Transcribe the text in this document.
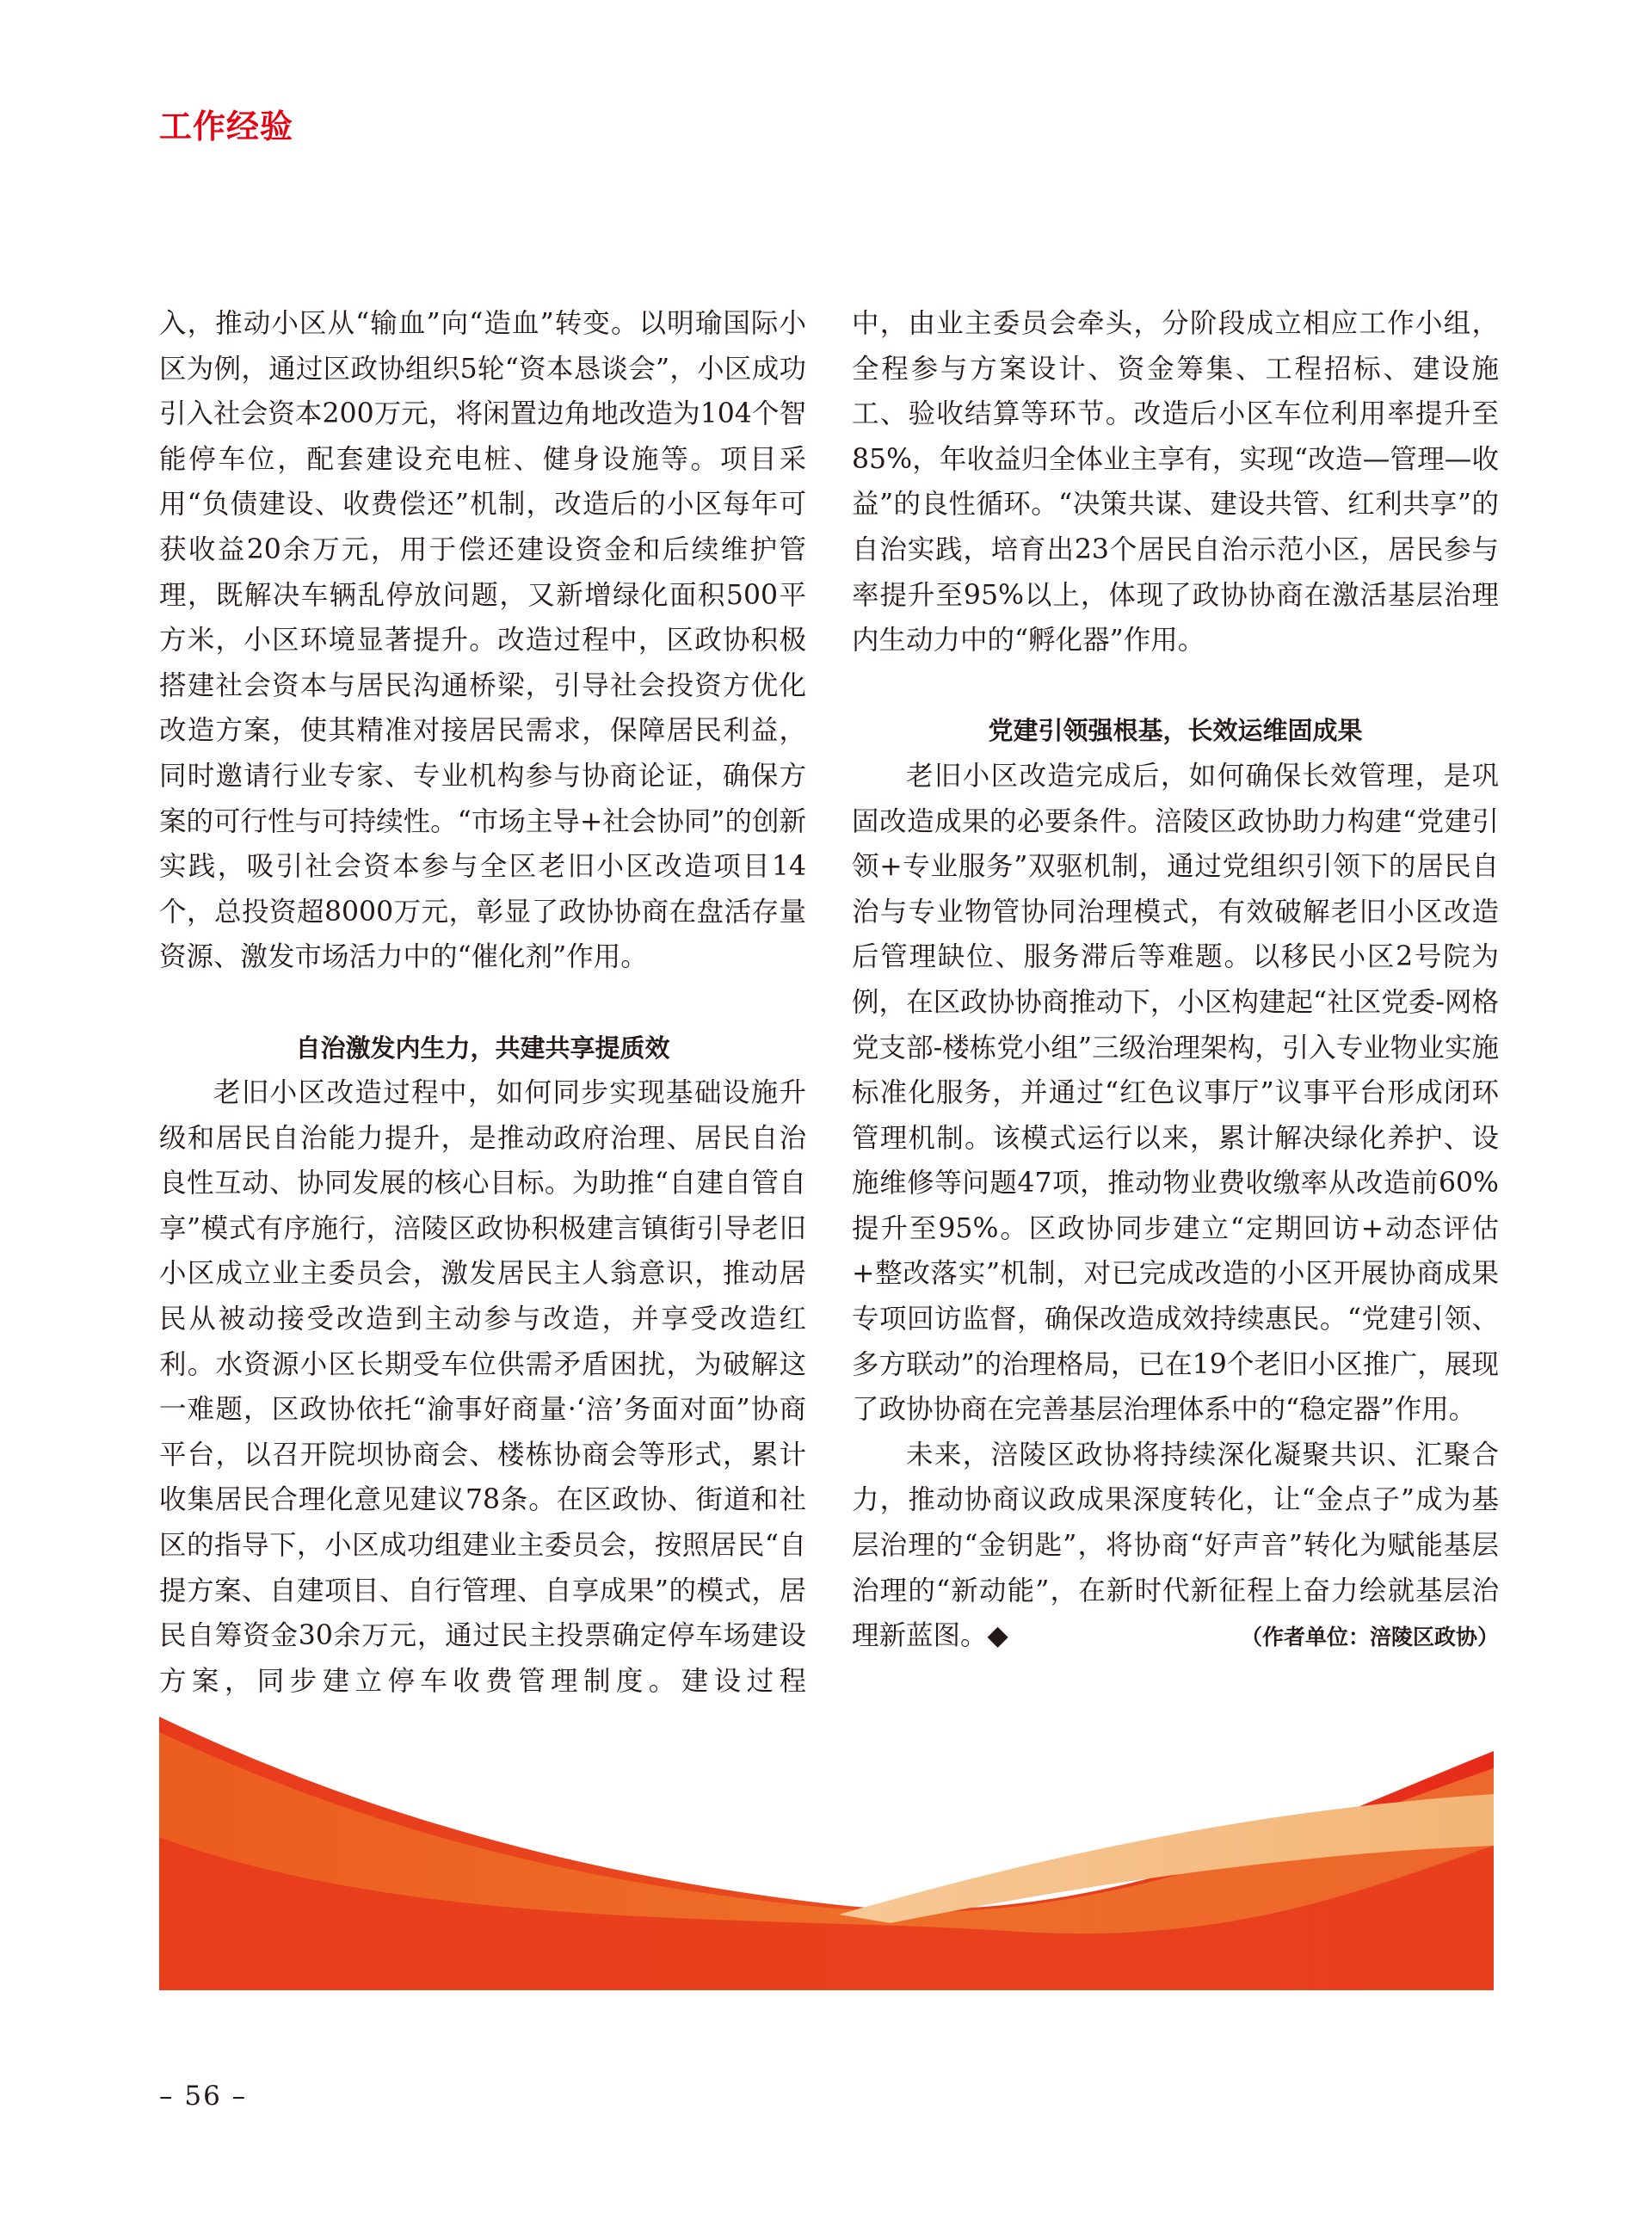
工作经验

入，推动小区从“输血”向“造血”转变。以明瑜国际小区为例，通过区政协组织5轮“资本恳谈会”，小区成功引入社会资本200万元，将闲置边角地改造为104个智能停车位，配套建设充电桩、健身设施等。项目采用“负债建设、收费偿还”机制，改造后的小区每年可获收益20余万元，用于偿还建设资金和后续维护管理，既解决车辆乱停放问题，又新增绿化面积500平方米，小区环境显著提升。改造过程中，区政协积极搭建社会资本与居民沟通桥梁，引导社会投资方优化改造方案，使其精准对接居民需求，保障居民利益，同时邀请行业专家、专业机构参与协商论证，确保方案的可行性与可持续性。“市场主导+社会协同”的创新实践，吸引社会资本参与全区老旧小区改造项目14个，总投资超8000万元，彰显了政协协商在盘活存量资源、激发市场活力中的“催化剂”作用。

自治激发内生力，共建共享提质效

老旧小区改造过程中，如何同步实现基础设施升级和居民自治能力提升，是推动政府治理、居民自治良性互动、协同发展的核心目标。为助推“自建自管自享”模式有序施行，涪陵区政协积极建言镇街引导老旧小区成立业主委员会，激发居民主人翁意识，推动居民从被动接受改造到主动参与改造，并享受改造红利。水资源小区长期受车位供需矛盾困扰，为破解这一难题，区政协依托“渝事好商量·‘涪’务面对面”协商平台，以召开院坝协商会、楼栋协商会等形式，累计收集居民合理化意见建议78条。在区政协、街道和社区的指导下，小区成功组建业主委员会，按照居民“自提方案、自建项目、自行管理、自享成果”的模式，居民自筹资金30余万元，通过民主投票确定停车场建设方案，同步建立停车收费管理制度。建设过程

中，由业主委员会牵头，分阶段成立相应工作小组，全程参与方案设计、资金筹集、工程招标、建设施工、验收结算等环节。改造后小区车位利用率提升至85%，年收益归全体业主享有，实现“改造—管理—收益”的良性循环。“决策共谋、建设共管、红利共享”的自治实践，培育出23个居民自治示范小区，居民参与率提升至95%以上，体现了政协协商在激活基层治理内生动力中的“孵化器”作用。

党建引领强根基，长效运维固成果

老旧小区改造完成后，如何确保长效管理，是巩固改造成果的必要条件。涪陵区政协助力构建“党建引领+专业服务”双驱机制，通过党组织引领下的居民自治与专业物管协同治理模式，有效破解老旧小区改造后管理缺位、服务滞后等难题。以移民小区2号院为例，在区政协协商推动下，小区构建起“社区党委-网格党支部-楼栋党小组”三级治理架构，引入专业物业实施标准化服务，并通过“红色议事厅”议事平台形成闭环管理机制。该模式运行以来，累计解决绿化养护、设施维修等问题47项，推动物业费收缴率从改造前60%提升至95%。区政协同步建立“定期回访+动态评估+整改落实”机制，对已完成改造的小区开展协商成果专项回访监督，确保改造成效持续惠民。“党建引领、多方联动”的治理格局，已在19个老旧小区推广，展现了政协协商在完善基层治理体系中的“稳定器”作用。

未来，涪陵区政协将持续深化凝聚共识、汇聚合力，推动协商议政成果深度转化，让“金点子”成为基层治理的“金钥匙”，将协商“好声音”转化为赋能基层治理的“新动能”，在新时代新征程上奋力绘就基层治

理新蓝图。◆	（作者单位：涪陵区政协）
– 56 –
